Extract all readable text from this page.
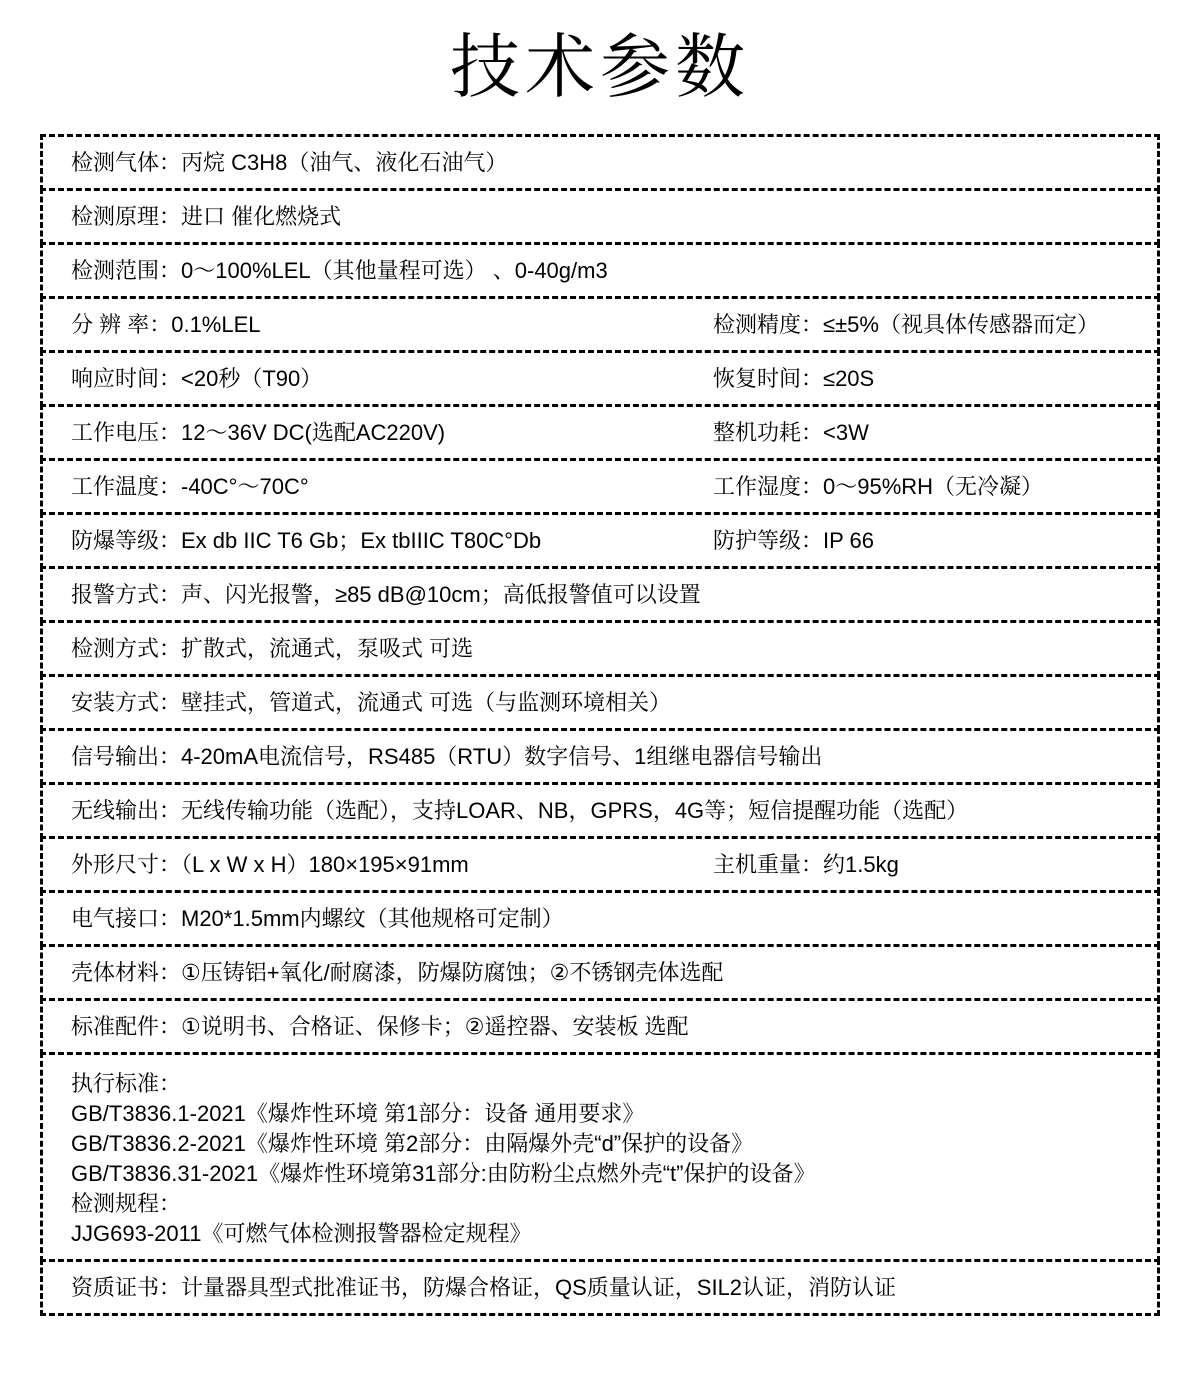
技术参数
检测气体：丙烷 C3H8（油气、液化石油气）
检测原理：进口 催化燃烧式
检测范围：0～100%LEL（其他量程可选） 、0-40g/m3
分 辨 率：0.1%LEL	检测精度：≤±5%（视具体传感器而定）
响应时间：<20秒（T90）	恢复时间：≤20S
工作电压：12～36V DC(选配AC220V)	整机功耗：<3W
工作温度：-40C°～70C°	工作湿度：0～95%RH（无冷凝）
防爆等级：Ex db IIC T6 Gb；Ex tbIIIC T80C°Db	防护等级：IP 66
报警方式：声、闪光报警，≥85 dB@10cm；高低报警值可以设置
检测方式：扩散式，流通式，泵吸式 可选
安装方式：壁挂式，管道式，流通式 可选（与监测环境相关）
信号输出：4-20mA电流信号，RS485（RTU）数字信号、1组继电器信号输出
无线输出：无线传输功能（选配），支持LOAR、NB，GPRS，4G等；短信提醒功能（选配）
外形尺寸：（L x W x H）180×195×91mm	主机重量：约1.5kg
电气接口：M20*1.5mm内螺纹（其他规格可定制）
壳体材料：①压铸铝+氧化/耐腐漆，防爆防腐蚀；②不锈钢壳体选配
标准配件：①说明书、合格证、保修卡；②遥控器、安装板 选配
执行标准：
GB/T3836.1-2021《爆炸性环境 第1部分：设备 通用要求》
GB/T3836.2-2021《爆炸性环境 第2部分：由隔爆外壳“d”保护的设备》
GB/T3836.31-2021《爆炸性环境第31部分:由防粉尘点燃外壳“t”保护的设备》
检测规程：
JJG693-2011《可燃气体检测报警器检定规程》
资质证书：计量器具型式批准证书，防爆合格证，QS质量认证，SIL2认证，消防认证
